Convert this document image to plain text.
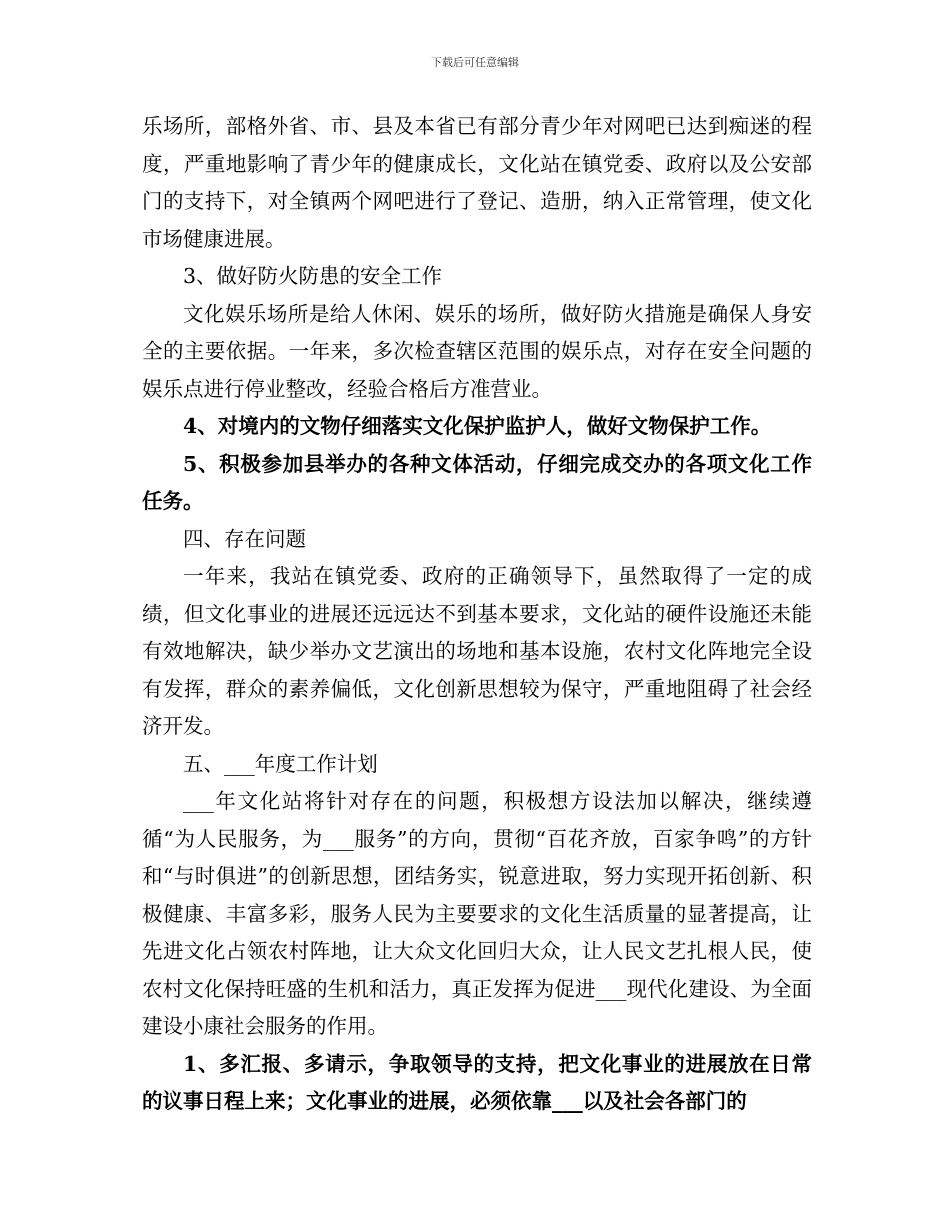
下载后可任意编辑

乐场所，部格外省、市、县及本省已有部分青少年对网吧已达到痴迷的程度，严重地影响了青少年的健康成长，文化站在镇党委、政府以及公安部门的支持下，对全镇两个网吧进行了登记、造册，纳入正常管理，使文化市场健康进展。

3、做好防火防患的安全工作

文化娱乐场所是给人休闲、娱乐的场所，做好防火措施是确保人身安全的主要依据。一年来，多次检查辖区范围的娱乐点，对存在安全问题的娱乐点进行停业整改，经验合格后方准营业。

4、对境内的文物仔细落实文化保护监护人，做好文物保护工作。

5、积极参加县举办的各种文体活动，仔细完成交办的各项文化工作任务。

四、存在问题

一年来，我站在镇党委、政府的正确领导下，虽然取得了一定的成绩，但文化事业的进展还远远达不到基本要求，文化站的硬件设施还未能有效地解决，缺少举办文艺演出的场地和基本设施，农村文化阵地完全设有发挥，群众的素养偏低，文化创新思想较为保守，严重地阻碍了社会经济开发。

五、___年度工作计划

___年文化站将针对存在的问题，积极想方设法加以解决，继续遵循“为人民服务，为___服务”的方向，贯彻“百花齐放，百家争鸣”的方针和“与时俱进”的创新思想，团结务实，锐意进取，努力实现开拓创新、积极健康、丰富多彩，服务人民为主要要求的文化生活质量的显著提高，让先进文化占领农村阵地，让大众文化回归大众，让人民文艺扎根人民，使农村文化保持旺盛的生机和活力，真正发挥为促进___现代化建设、为全面建设小康社会服务的作用。

1、多汇报、多请示，争取领导的支持，把文化事业的进展放在日常的议事日程上来；文化事业的进展，必须依靠___以及社会各部门的
